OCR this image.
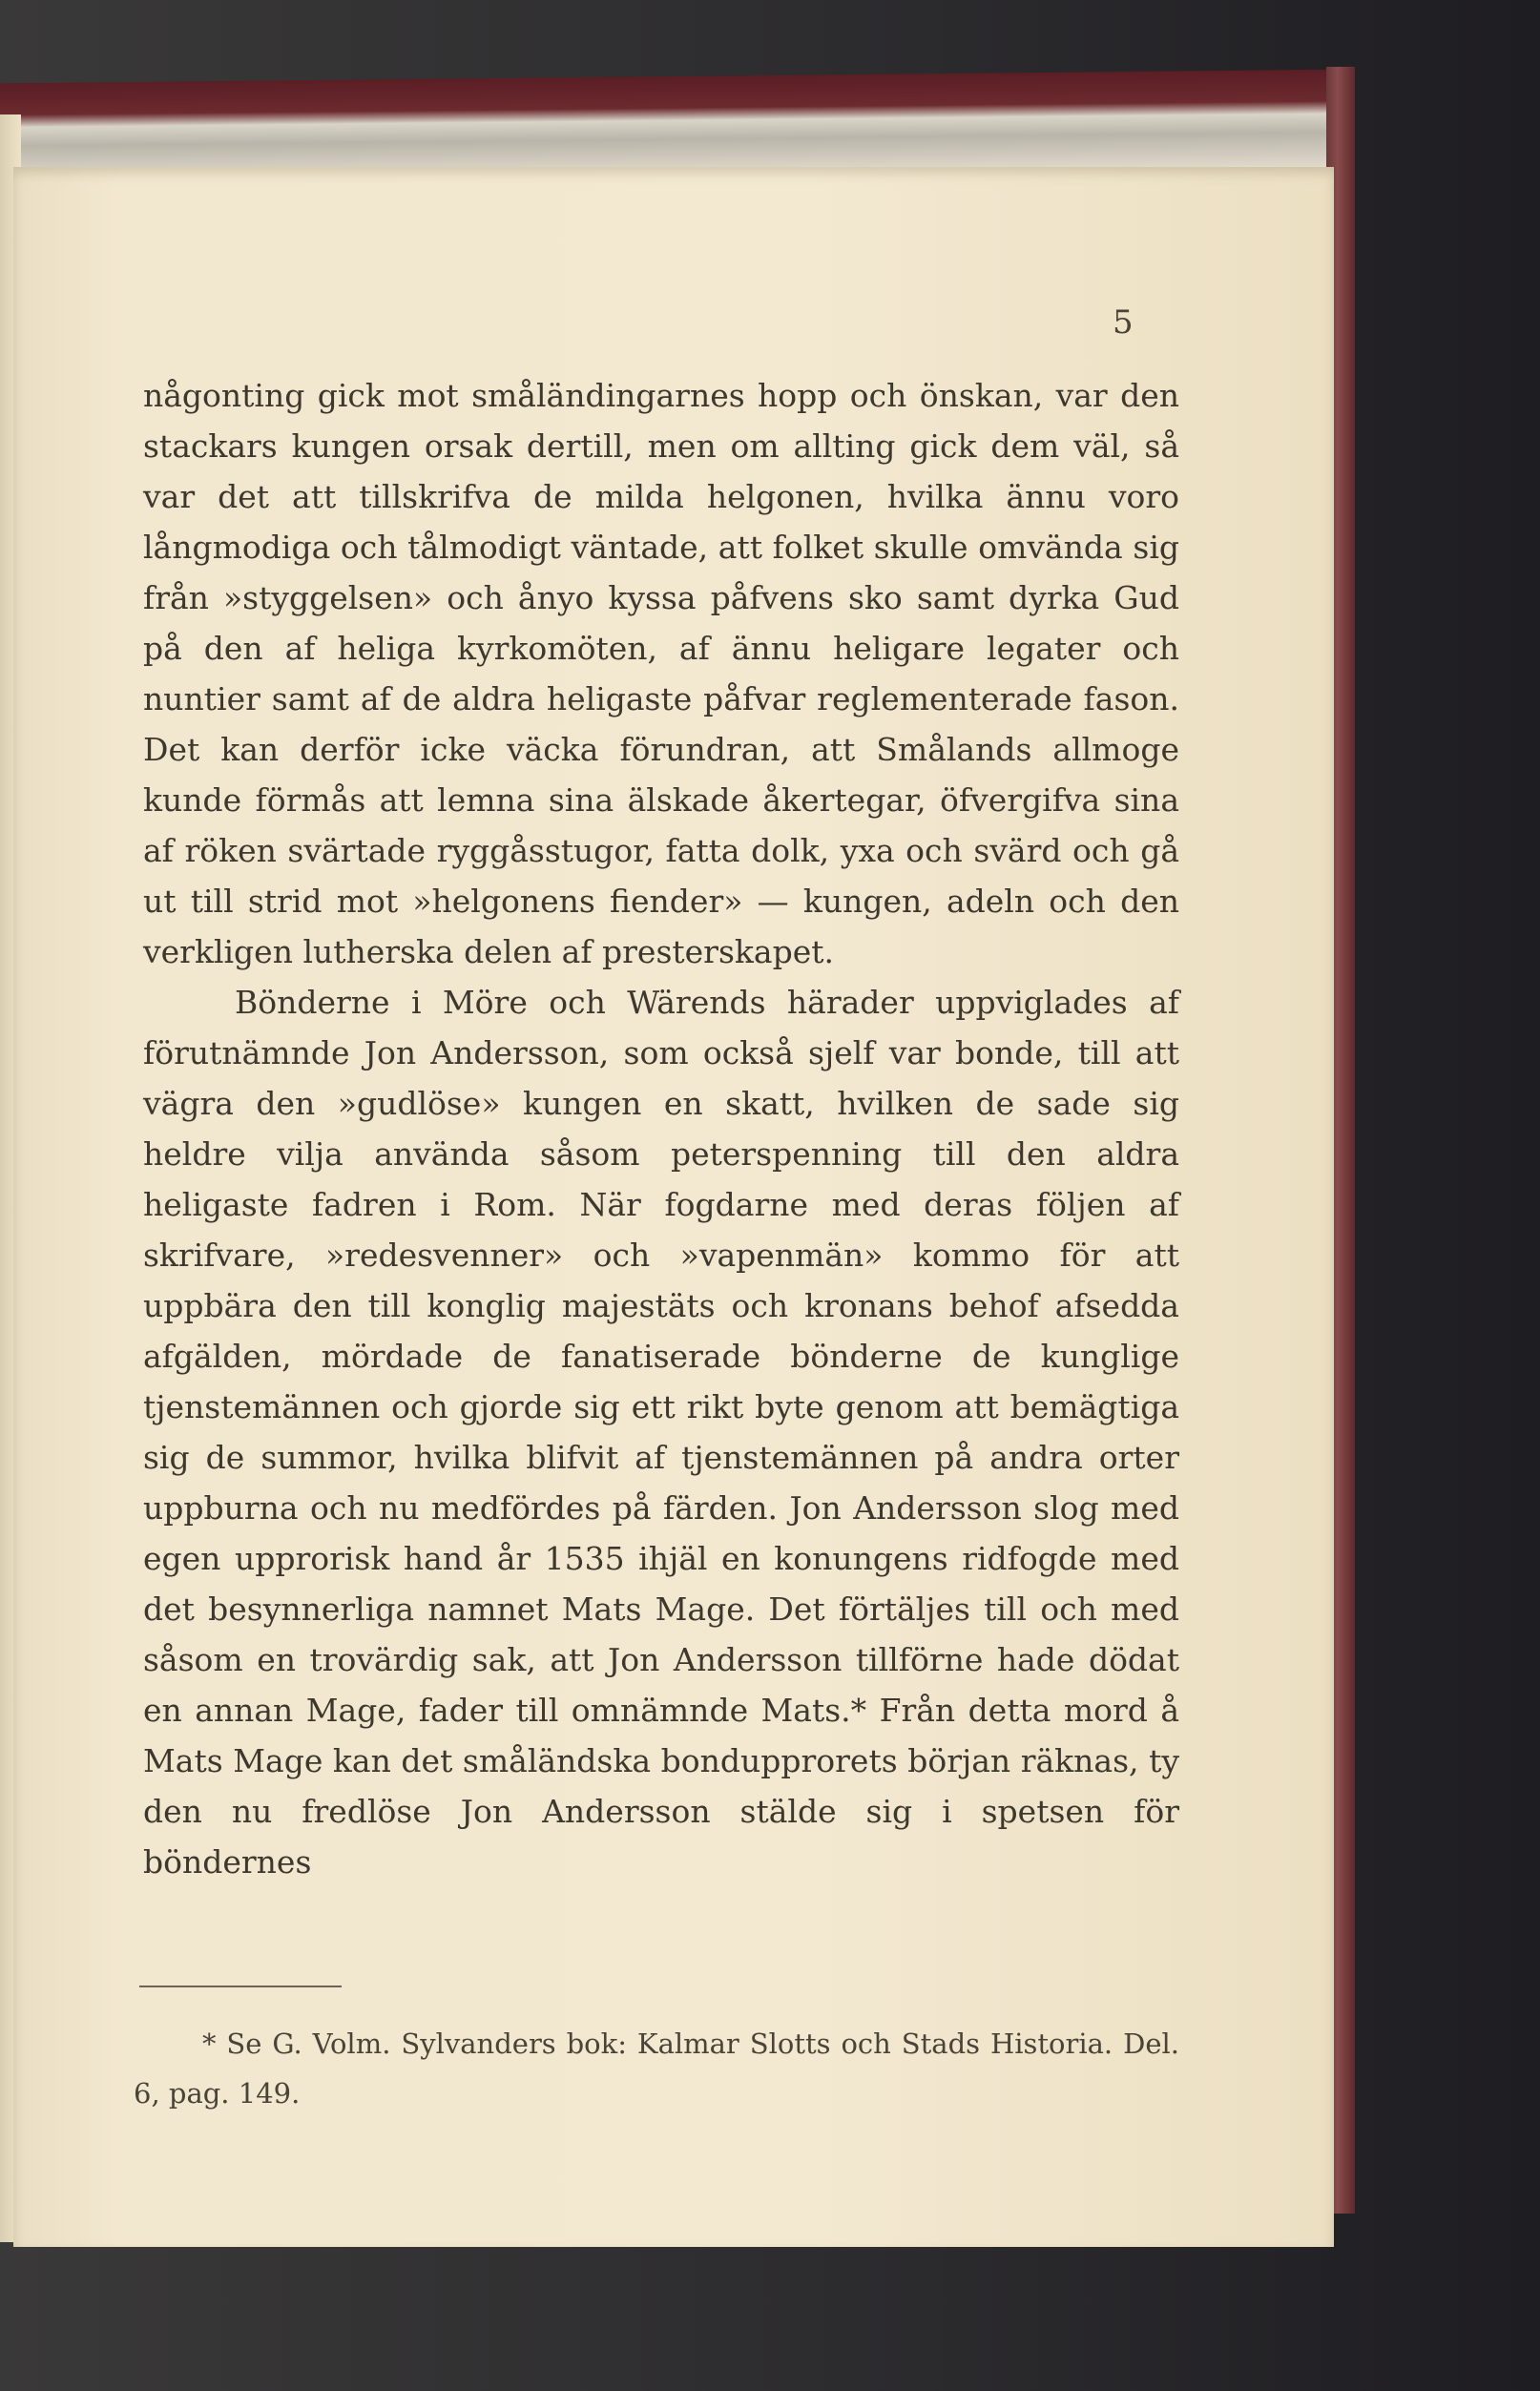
5

någonting gick mot småländingarnes hopp och önskan, var den stackars kungen orsak dertill, men om allting gick dem väl, så var det att tillskrifva de milda helgonen, hvilka ännu voro långmodiga och tålmodigt väntade, att folket skulle omvända sig från »styggelsen» och ånyo kyssa påfvens sko samt dyrka Gud på den af heliga kyrkomöten, af ännu heligare legater och nuntier samt af de aldra heligaste påfvar reglementerade fason. Det kan derför icke väcka förundran, att Smålands allmoge kunde förmås att lemna sina älskade åkertegar, öfvergifva sina af röken svärtade ryggåsstugor, fatta dolk, yxa och svärd och gå ut till strid mot »helgonens fiender» — kungen, adeln och den verkligen lutherska delen af presterskapet.

Bönderne i Möre och Wärends härader uppviglades af förutnämnde Jon Andersson, som också sjelf var bonde, till att vägra den »gudlöse» kungen en skatt, hvilken de sade sig heldre vilja använda såsom peterspenning till den aldra heligaste fadren i Rom. När fogdarne med deras följen af skrifvare, »redesvenner» och »vapenmän» kommo för att uppbära den till konglig majestäts och kronans behof afsedda afgälden, mördade de fanatiserade bönderne de kunglige tjenstemännen och gjorde sig ett rikt byte genom att bemägtiga sig de summor, hvilka blifvit af tjenstemännen på andra orter uppburna och nu medfördes på färden. Jon Andersson slog med egen upprorisk hand år 1535 ihjäl en konungens ridfogde med det besynnerliga namnet Mats Mage. Det förtäljes till och med såsom en trovärdig sak, att Jon Andersson tillförne hade dödat en annan Mage, fader till omnämnde Mats.* Från detta mord å Mats Mage kan det småländska bondupprorets början räknas, ty den nu fredlöse Jon Andersson stälde sig i spetsen för böndernes

* Se G. Volm. Sylvanders bok: Kalmar Slotts och Stads Historia. Del. 6, pag. 149.
